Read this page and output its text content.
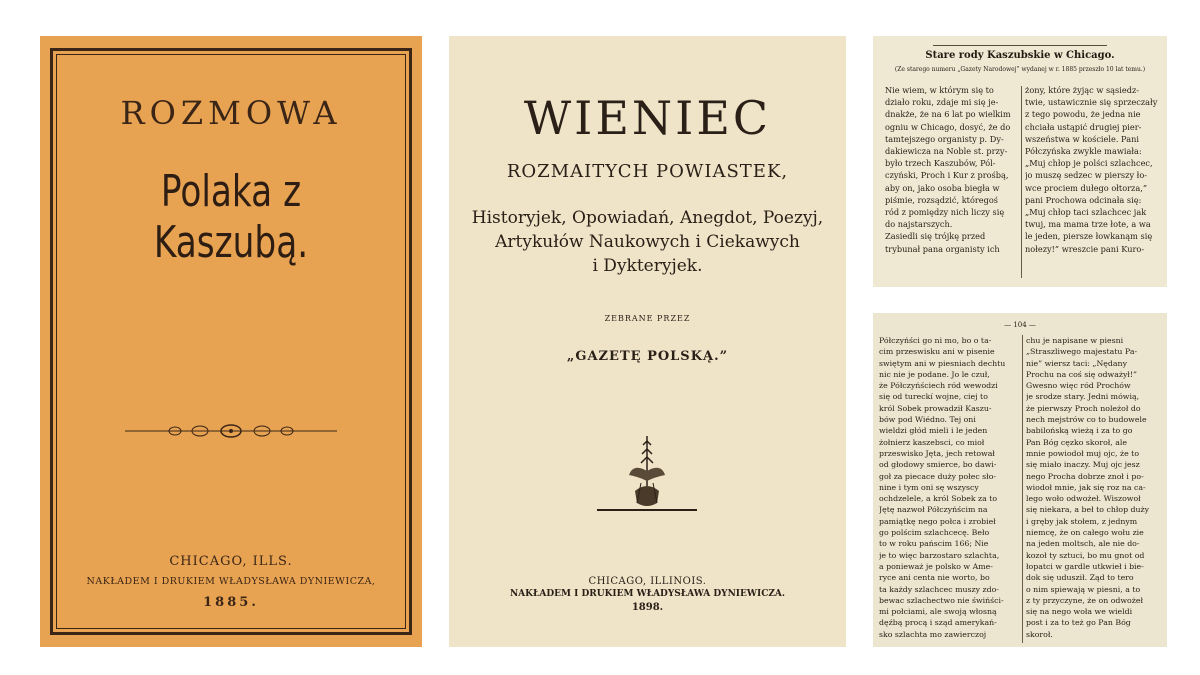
ROZMOWA
Polaka z Kaszubą.
CHICAGO, ILLS.
NAKŁADEM I DRUKIEM WŁADYSŁAWA DYNIEWICZA,
1885.
WIENIEC
ROZMAITYCH POWIASTEK,
Historyjek, Opowiadań, Anegdot, Poezyj,
Artykułów Naukowych i Ciekawych
i Dykteryjek.
ZEBRANE PRZEZ
„GAZETĘ POLSKĄ.”
CHICAGO, ILLINOIS.
NAKŁADEM I DRUKIEM WŁADYSŁAWA DYNIEWICZA.
1898.
Stare rody Kaszubskie w Chicago.
(Ze starego numeru „Gazety Narodowej” wydanej w r. 1885 przeszło 10 lat temu.)
Nie wiem, w którym się to
działo roku, zdaje mi się je-
dnakże, że na 6 lat po wielkim
ogniu w Chicago, dosyć, że do
tamtejszego organisty p. Dy-
dakiewicza na Noble st. przy-
było trzech Kaszubów, Pól-
czyński, Proch i Kur z prośbą,
aby on, jako osoba biegła w
piśmie, rozsądzić, któregoś
ród z pomiędzy nich liczy się
do najstarszych.
Zasiedli się trójkę przed
trybunał pana organisty ich
żony, które żyjąc w sąsiedz-
twie, ustawicznie się sprzeczały
z tego powodu, że jedna nie
chciała ustąpić drugiej pier-
wszeństwa w kościele. Pani
Półczyńska zwykle mawiała:
„Muj chłop je polści szlachcec,
jo muszę sedzec w pierszy ło-
wce prociem dułego ołtorza,”
pani Prochowa odcinała się:
„Muj chłop taci szlachcec jak
twuj, ma mama trze łote, a wa
le jeden, piersze łowkanąm się
nołezy!” wreszcie pani Kuro-
— 104 —
Półczyńści go ni mo, bo o ta-
cim przeswisku ani w pisenie
swiętym ani w piesniach dechtu
nic nie je podane. Jo le czuł,
że Półczyńściech ród wewodzi
się od tureckí wojne, ciej to
król Sobek prowadził Kaszu-
bów pod Wiédno. Tej oni
wieldzi głód mieli i le jeden
żołnierz kaszebsci, co mioł
przeswisko Jęta, jech retował
od głodowy smierce, bo dawi-
goł za piecace duży połec sło-
nine i tym oni sę wszyscy
ochdzelele, a król Sobek za to
Jętę nazwoł Półczyńścim na
pamiątkę nego połca i zrobieł
go polścim szlachcecę. Beło
to w roku pańscim 166; Nie
je to więc barzostaro szlachta,
a ponieważ je polsko w Ame-
ryce ani centa nie worto, bo
ta każdy szlachcec muszy zdo-
bewac szlachectwo nie świńści-
mi połciami, ale swoją włosną
dęźbą procą i sząd amerykań-
sko szlachta mo zawierczoj
chu je napisane w piesni
„Straszliwego majestatu Pa-
nie” wiersz taci: „Nędany
Prochu na coś się odważył!”
Gwesno więc ród Prochów
je srodze stary. Jedni mówią,
że pierwszy Proch noleżoł do
nech mejstrów co to budowele
babilońską wieżą i za to go
Pan Bóg cęzko skoroł, ale
mnie powiodoł muj ojc, że to
się miało inaczy. Muj ojc jesz
nego Procha dobrze znoł i po-
wiodoł mnie, jak się roz na ca-
lego woło odwożeł. Wiszowoł
się niekara, a beł to chłop duży
i gręby jak stołem, z jednym
niemcę, że on całego wołu zie
na jeden moltsch, ale nie do-
kozoł ty sztuci, bo mu gnot od
łopatci w gardle utkwieł i bie-
dok się udusził. Ząd to tero
o nim spiewają w piesni, a to
z ty przyczyne, że on odwożeł
się na nego woła we wieldi
post i za to też go Pan Bóg
skoroł.
